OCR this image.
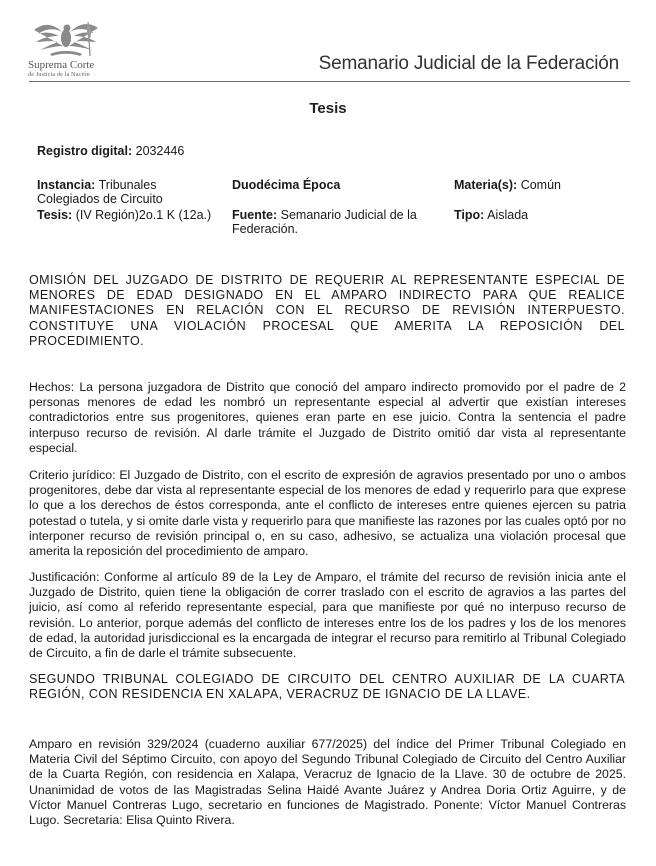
Suprema Corte
de Justicia de la Nación
Semanario Judicial de la Federación
Tesis
Registro digital: 2032446
Instancia: Tribunales Colegiados de Circuito
Duodécima Época	Materia(s): Común
Tesis: (IV Región)2o.1 K (12a.)	Fuente: Semanario Judicial de la Federación.
Tipo: Aislada
OMISIÓN DEL JUZGADO DE DISTRITO DE REQUERIR AL REPRESENTANTE ESPECIAL DE MENORES DE EDAD DESIGNADO EN EL AMPARO INDIRECTO PARA QUE REALICE MANIFESTACIONES EN RELACIÓN CON EL RECURSO DE REVISIÓN INTERPUESTO. CONSTITUYE UNA VIOLACIÓN PROCESAL QUE AMERITA LA REPOSICIÓN DEL PROCEDIMIENTO.
Hechos: La persona juzgadora de Distrito que conoció del amparo indirecto promovido por el padre de 2 personas menores de edad les nombró un representante especial al advertir que existían intereses contradictorios entre sus progenitores, quienes eran parte en ese juicio. Contra la sentencia el padre interpuso recurso de revisión. Al darle trámite el Juzgado de Distrito omitió dar vista al representante especial.
Criterio jurídico: El Juzgado de Distrito, con el escrito de expresión de agravios presentado por uno o ambos progenitores, debe dar vista al representante especial de los menores de edad y requerirlo para que exprese lo que a los derechos de éstos corresponda, ante el conflicto de intereses entre quienes ejercen su patria potestad o tutela, y si omite darle vista y requerirlo para que manifieste las razones por las cuales optó por no interponer recurso de revisión principal o, en su caso, adhesivo, se actualiza una violación procesal que amerita la reposición del procedimiento de amparo.
Justificación: Conforme al artículo 89 de la Ley de Amparo, el trámite del recurso de revisión inicia ante el Juzgado de Distrito, quien tiene la obligación de correr traslado con el escrito de agravios a las partes del juicio, así como al referido representante especial, para que manifieste por qué no interpuso recurso de revisión. Lo anterior, porque además del conflicto de intereses entre los de los padres y los de los menores de edad, la autoridad jurisdiccional es la encargada de integrar el recurso para remitirlo al Tribunal Colegiado de Circuito, a fin de darle el trámite subsecuente.
SEGUNDO TRIBUNAL COLEGIADO DE CIRCUITO DEL CENTRO AUXILIAR DE LA CUARTA REGIÓN, CON RESIDENCIA EN XALAPA, VERACRUZ DE IGNACIO DE LA LLAVE.
Amparo en revisión 329/2024 (cuaderno auxiliar 677/2025) del índice del Primer Tribunal Colegiado en Materia Civil del Séptimo Circuito, con apoyo del Segundo Tribunal Colegiado de Circuito del Centro Auxiliar de la Cuarta Región, con residencia en Xalapa, Veracruz de Ignacio de la Llave. 30 de octubre de 2025. Unanimidad de votos de las Magistradas Selina Haidé Avante Juárez y Andrea Doria Ortiz Aguirre, y de Víctor Manuel Contreras Lugo, secretario en funciones de Magistrado. Ponente: Víctor Manuel Contreras Lugo. Secretaria: Elisa Quinto Rivera.
